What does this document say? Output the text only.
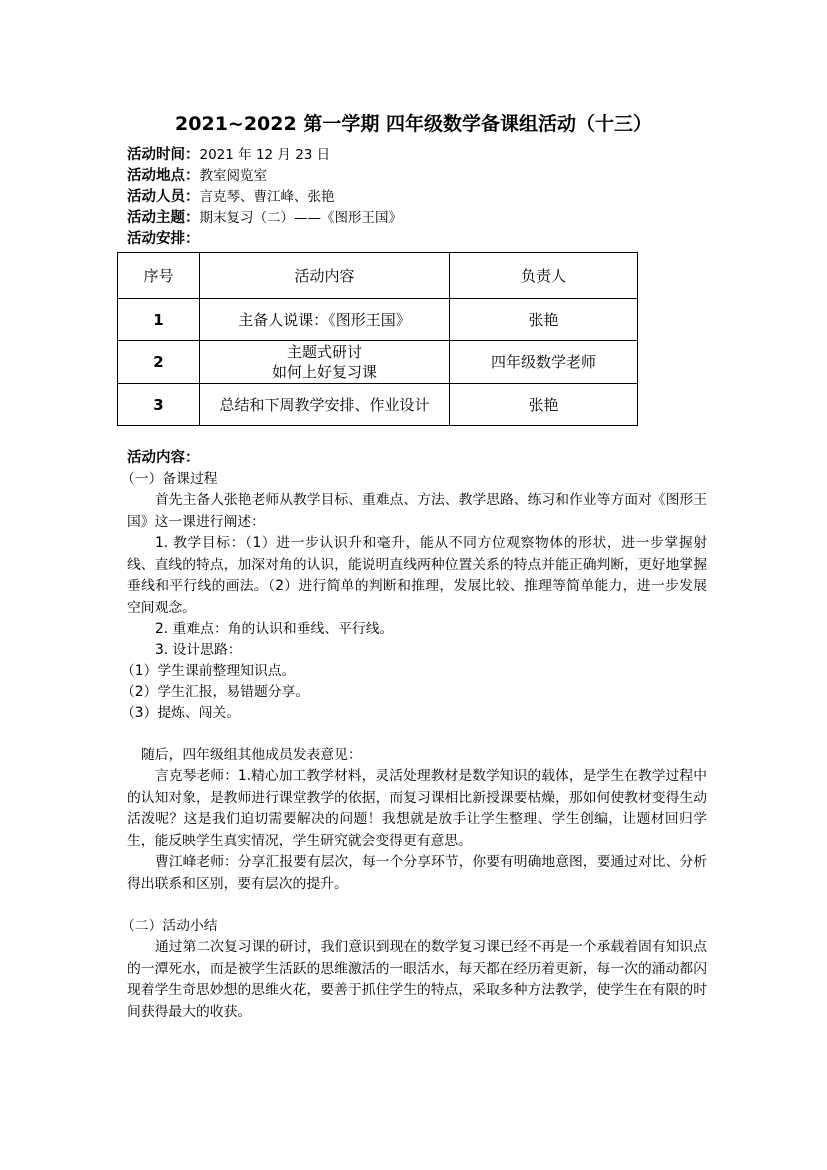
2021~2022 第一学期 四年级数学备课组活动（十三）
活动时间：2021 年 12 月 23 日
活动地点：教室阅览室
活动人员：言克琴、曹江峰、张艳
活动主题：期末复习（二）——《图形王国》
活动安排：
序号	活动内容	负责人
1	主备人说课：《图形王国》	张艳
2	主题式研讨
如何上好复习课	四年级数学老师
3	总结和下周教学安排、作业设计	张艳
活动内容：
（一）备课过程
首先主备人张艳老师从教学目标、重难点、方法、教学思路、练习和作业等方面对《图形王国》这一课进行阐述：
1. 教学目标：（1）进一步认识升和毫升，能从不同方位观察物体的形状，进一步掌握射线、直线的特点，加深对角的认识，能说明直线两种位置关系的特点并能正确判断，更好地掌握垂线和平行线的画法。（2）进行简单的判断和推理，发展比较、推理等简单能力，进一步发展空间观念。
2. 重难点：角的认识和垂线、平行线。
3. 设计思路：
（1）学生课前整理知识点。
（2）学生汇报，易错题分享。
（3）提炼、闯关。
随后，四年级组其他成员发表意见：
言克琴老师：1.精心加工教学材料，灵活处理教材是数学知识的载体，是学生在教学过程中的认知对象，是教师进行课堂教学的依据，而复习课相比新授课要枯燥，那如何使教材变得生动活泼呢？这是我们迫切需要解决的问题！我想就是放手让学生整理、学生创编，让题材回归学生，能反映学生真实情况，学生研究就会变得更有意思。
曹江峰老师：分享汇报要有层次，每一个分享环节，你要有明确地意图，要通过对比、分析得出联系和区别，要有层次的提升。
（二）活动小结
通过第二次复习课的研讨，我们意识到现在的数学复习课已经不再是一个承载着固有知识点的一潭死水，而是被学生活跃的思维激活的一眼活水，每天都在经历着更新，每一次的涌动都闪现着学生奇思妙想的思维火花，要善于抓住学生的特点，采取多种方法教学，使学生在有限的时间获得最大的收获。
